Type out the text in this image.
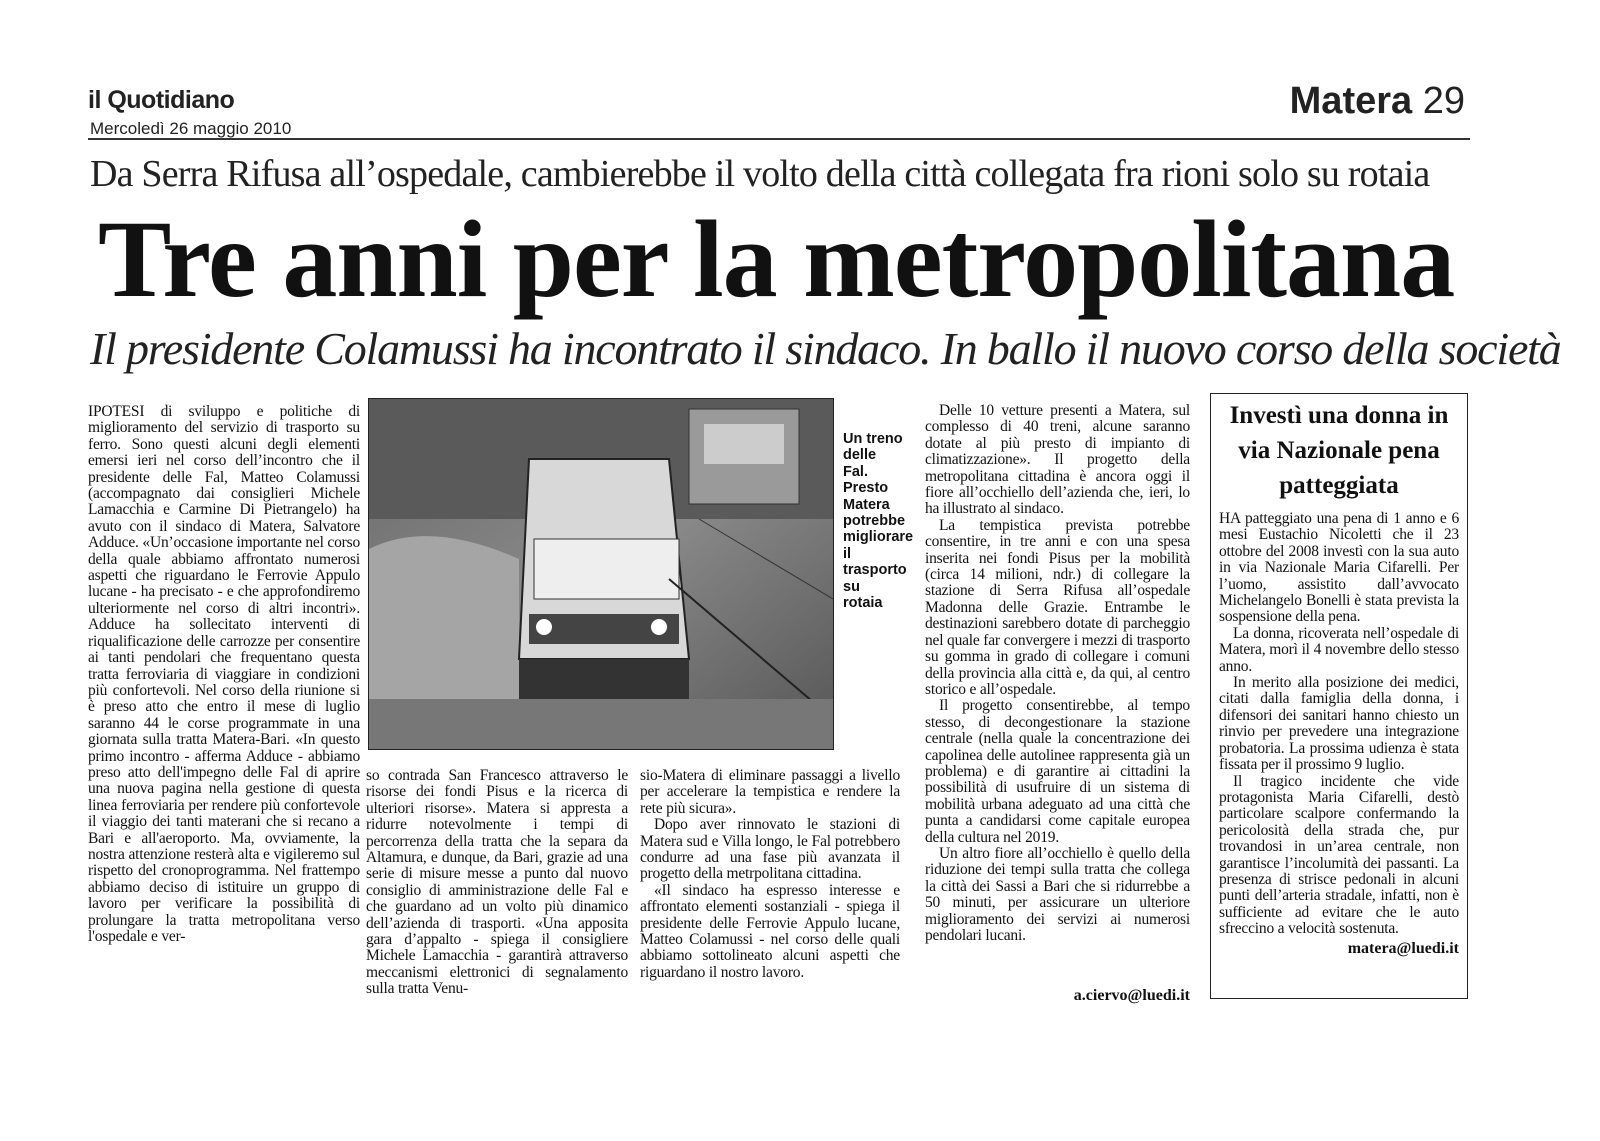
il Quotidiano
Mercoledì 26 maggio 2010
Matera 29
Da Serra Rifusa all’ospedale, cambierebbe il volto della città collegata fra rioni solo su rotaia
Tre anni per la metropolitana
Il presidente Colamussi ha incontrato il sindaco. In ballo il nuovo corso della società

IPOTESI di sviluppo e politiche di miglioramento del servizio di trasporto su ferro. Sono questi alcuni degli elementi emersi ieri nel corso dell’incontro che il presidente delle Fal, Matteo Colamussi (accompagnato dai consiglieri Michele Lamacchia e Carmine Di Pietrangelo) ha avuto con il sindaco di Matera, Salvatore Adduce. «Un’occasione importante nel corso della quale abbiamo affrontato numerosi aspetti che riguardano le Ferrovie Appulo lucane - ha precisato - e che approfondiremo ulteriormente nel corso di altri incontri». Adduce ha sollecitato interventi di riqualificazione delle carrozze per consentire ai tanti pendolari che frequentano questa tratta ferroviaria di viaggiare in condizioni più confortevoli. Nel corso della riunione si è preso atto che entro il mese di luglio saranno 44 le corse programmate in una giornata sulla tratta Matera-Bari. «In questo primo incontro - afferma Adduce - abbiamo preso atto dell'impegno delle Fal di aprire una nuova pagina nella gestione di questa linea ferroviaria per rendere più confortevole il viaggio dei tanti materani che si recano a Bari e all'aeroporto. Ma, ovviamente, la nostra attenzione resterà alta e vigileremo sul rispetto del cronoprogramma. Nel frattempo abbiamo deciso di istituire un gruppo di lavoro per verificare la possibilità di prolungare la tratta metropolitana verso l'ospedale e ver-

Un treno delle Fal. Presto Matera potrebbe migliorare il trasporto su rotaia

so contrada San Francesco attraverso le risorse dei fondi Pisus e la ricerca di ulteriori risorse». Matera si appresta a ridurre notevolmente i tempi di percorrenza della tratta che la separa da Altamura, e dunque, da Bari, grazie ad una serie di misure messe a punto dal nuovo consiglio di amministrazione delle Fal e che guardano ad un volto più dinamico dell’azienda di trasporti. «Una apposita gara d’appalto - spiega il consigliere Michele Lamacchia - garantirà attraverso meccanismi elettronici di segnalamento sulla tratta Venu-

sio-Matera di eliminare passaggi a livello per accelerare la tempistica e rendere la rete più sicura».

Dopo aver rinnovato le stazioni di Matera sud e Villa longo, le Fal potrebbero condurre ad una fase più avanzata il progetto della metrpolitana cittadina.

«Il sindaco ha espresso interesse e affrontato elementi sostanziali - spiega il presidente delle Ferrovie Appulo lucane, Matteo Colamussi - nel corso delle quali abbiamo sottolineato alcuni aspetti che riguardano il nostro lavoro.

Delle 10 vetture presenti a Matera, sul complesso di 40 treni, alcune saranno dotate al più presto di impianto di climatizzazione». Il progetto della metropolitana cittadina è ancora oggi il fiore all’occhiello dell’azienda che, ieri, lo ha illustrato al sindaco.

La tempistica prevista potrebbe consentire, in tre anni e con una spesa inserita nei fondi Pisus per la mobilità (circa 14 milioni, ndr.) di collegare la stazione di Serra Rifusa all’ospedale Madonna delle Grazie. Entrambe le destinazioni sarebbero dotate di parcheggio nel quale far convergere i mezzi di trasporto su gomma in grado di collegare i comuni della provincia alla città e, da qui, al centro storico e all’ospedale.

Il progetto consentirebbe, al tempo stesso, di decongestionare la stazione centrale (nella quale la concentrazione dei capolinea delle autolinee rappresenta già un problema) e di garantire ai cittadini la possibilità di usufruire di un sistema di mobilità urbana adeguato ad una città che punta a candidarsi come capitale europea della cultura nel 2019.

Un altro fiore all’occhiello è quello della riduzione dei tempi sulla tratta che collega la città dei Sassi a Bari che si ridurrebbe a 50 minuti, per assicurare un ulteriore miglioramento dei servizi ai numerosi pendolari lucani.

a.ciervo@luedi.it
Investì una donna in via Nazionale pena patteggiata

HA patteggiato una pena di 1 anno e 6 mesi Eustachio Nicoletti che il 23 ottobre del 2008 investì con la sua auto in via Nazionale Maria Cifarelli. Per l’uomo, assistito dall’avvocato Michelangelo Bonelli è stata prevista la sospensione della pena.

La donna, ricoverata nell’ospedale di Matera, morì il 4 novembre dello stesso anno.

In merito alla posizione dei medici, citati dalla famiglia della donna, i difensori dei sanitari hanno chiesto un rinvio per prevedere una integrazione probatoria. La prossima udienza è stata fissata per il prossimo 9 luglio.

Il tragico incidente che vide protagonista Maria Cifarelli, destò particolare scalpore confermando la pericolosità della strada che, pur trovandosi in un’area centrale, non garantisce l’incolumità dei passanti. La presenza di strisce pedonali in alcuni punti dell’arteria stradale, infatti, non è sufficiente ad evitare che le auto sfreccino a velocità sostenuta.

matera@luedi.it
